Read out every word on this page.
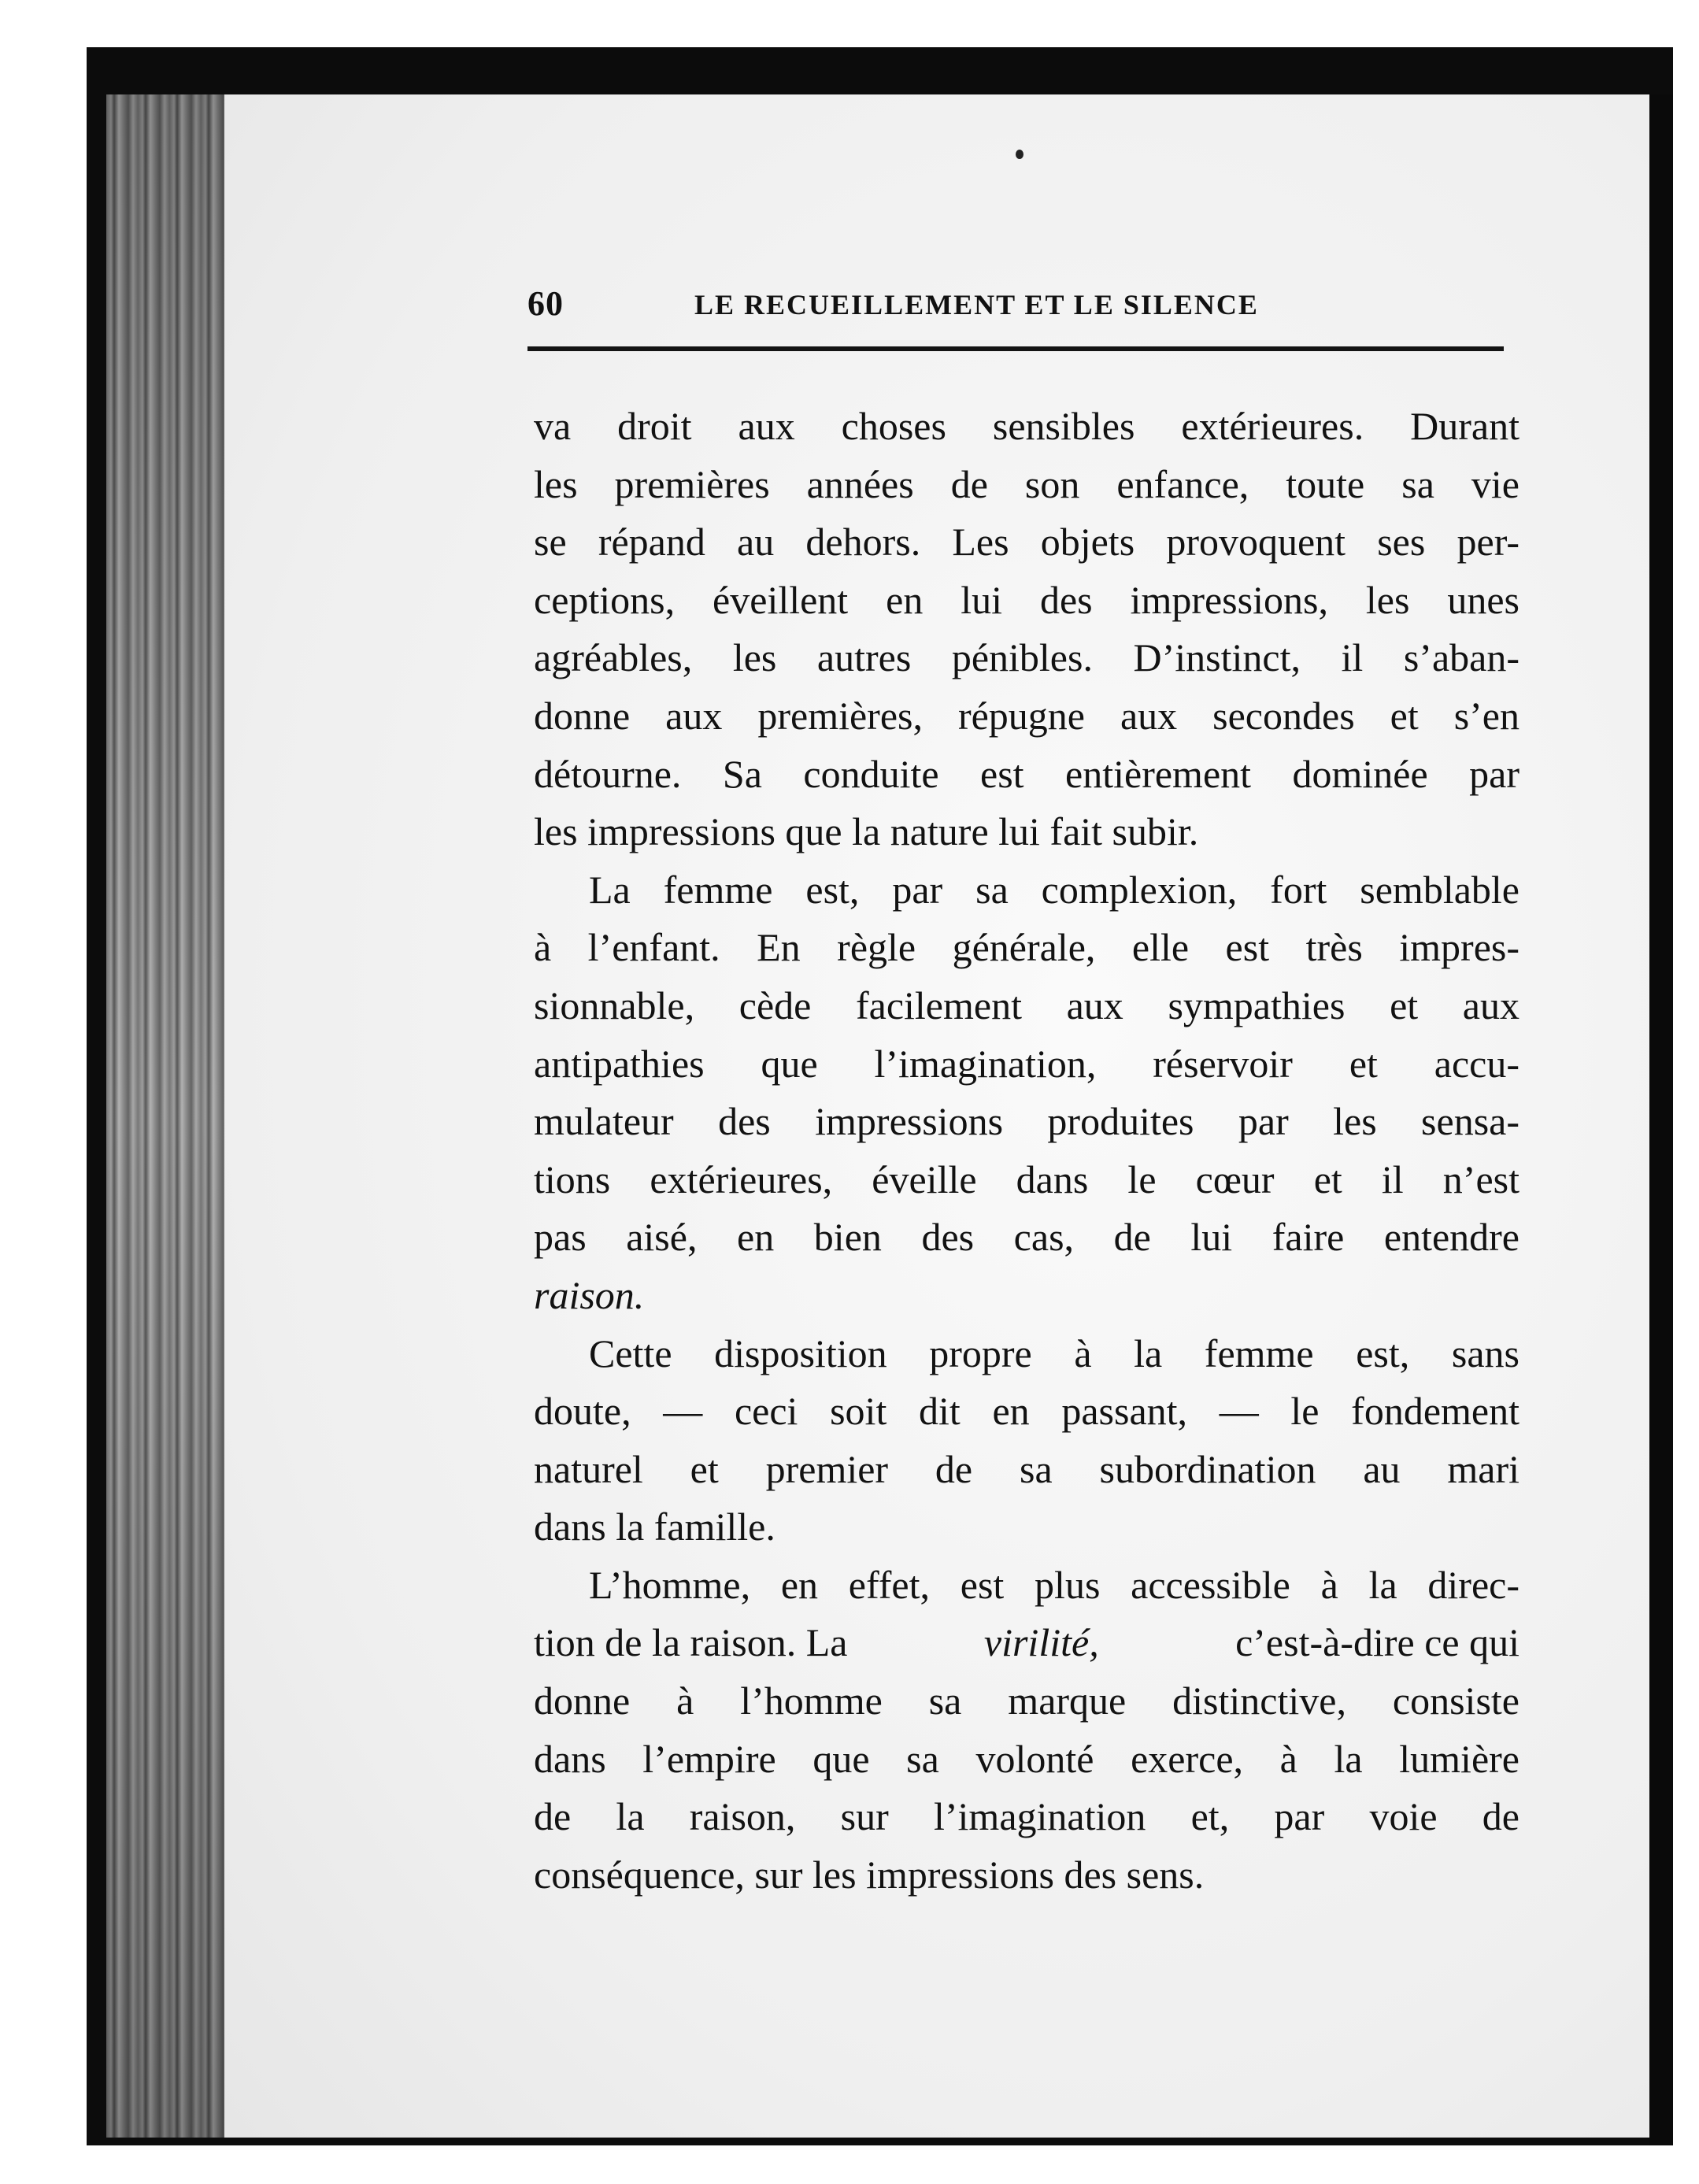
60	LE RECUEILLEMENT ET LE SILENCE
va droit aux choses sensibles extérieures. Durant
les premières années de son enfance, toute sa vie
se répand au dehors. Les objets provoquent ses per-
ceptions, éveillent en lui des impressions, les unes
agréables, les autres pénibles. D’instinct, il s’aban-
donne aux premières, répugne aux secondes et s’en
détourne. Sa conduite est entièrement dominée par
les impressions que la nature lui fait subir.
La femme est, par sa complexion, fort semblable
à l’enfant. En règle générale, elle est très impres-
sionnable, cède facilement aux sympathies et aux
antipathies que l’imagination, réservoir et accu-
mulateur des impressions produites par les sensa-
tions extérieures, éveille dans le cœur et il n’est
pas aisé, en bien des cas, de lui faire entendre
raison.
Cette disposition propre à la femme est, sans
doute, — ceci soit dit en passant, — le fondement
naturel et premier de sa subordination au mari
dans la famille.
L’homme, en effet, est plus accessible à la direc-
tion de la raison. La	virilité,	c’est-à-dire ce qui
donne à l’homme sa marque distinctive, consiste
dans l’empire que sa volonté exerce, à la lumière
de la raison, sur l’imagination et, par voie de
conséquence, sur les impressions des sens.
